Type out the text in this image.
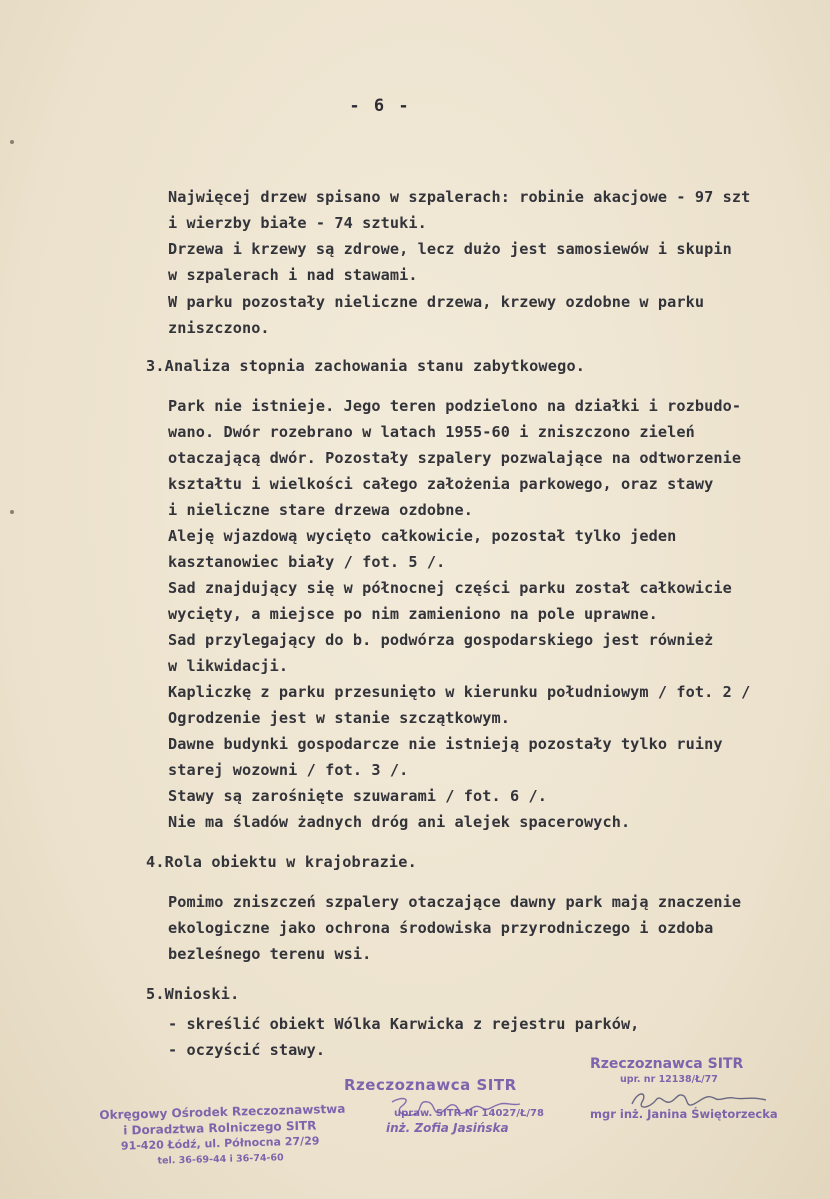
- 6 -
Najwięcej drzew spisano w szpalerach: robinie akacjowe - 97 szt
i wierzby białe - 74 sztuki.
Drzewa i krzewy są zdrowe, lecz dużo jest samosiewów i skupin
w szpalerach i nad stawami.
W parku pozostały nieliczne drzewa, krzewy ozdobne w parku
zniszczono.
3.Analiza stopnia zachowania stanu zabytkowego.
Park nie istnieje. Jego teren podzielono na działki i rozbudo-
wano. Dwór rozebrano w latach 1955-60 i zniszczono zieleń
otaczającą dwór. Pozostały szpalery pozwalające na odtworzenie
kształtu i wielkości całego założenia parkowego, oraz stawy
i nieliczne stare drzewa ozdobne.
Aleję wjazdową wycięto całkowicie, pozostał tylko jeden
kasztanowiec biały / fot. 5 /.
Sad znajdujący się w północnej części parku został całkowicie
wycięty, a miejsce po nim zamieniono na pole uprawne.
Sad przylegający do b. podwórza gospodarskiego jest również
w likwidacji.
Kapliczkę z parku przesunięto w kierunku południowym / fot. 2 /
Ogrodzenie jest w stanie szczątkowym.
Dawne budynki gospodarcze nie istnieją pozostały tylko ruiny
starej wozowni / fot. 3 /.
Stawy są zarośnięte szuwarami / fot. 6 /.
Nie ma śladów żadnych dróg ani alejek spacerowych.
4.Rola obiektu w krajobrazie.
Pomimo zniszczeń szpalery otaczające dawny park mają znaczenie
ekologiczne jako ochrona środowiska przyrodniczego i ozdoba
bezleśnego terenu wsi.
5.Wnioski.
- skreślić obiekt Wólka Karwicka z rejestru parków,
- oczyścić stawy.
Okręgowy Ośrodek Rzeczoznawstwa
i Doradztwa Rolniczego SITR
91-420 Łódź, ul. Północna 27/29
tel. 36-69-44 i 36-74-60
Rzeczoznawca SITR
upraw. SITR Nr 14027/Ł/78
inż. Zofia Jasińska
Rzeczoznawca SITR
upr. nr 12138/Ł/77
mgr inż. Janina Świętorzecka
